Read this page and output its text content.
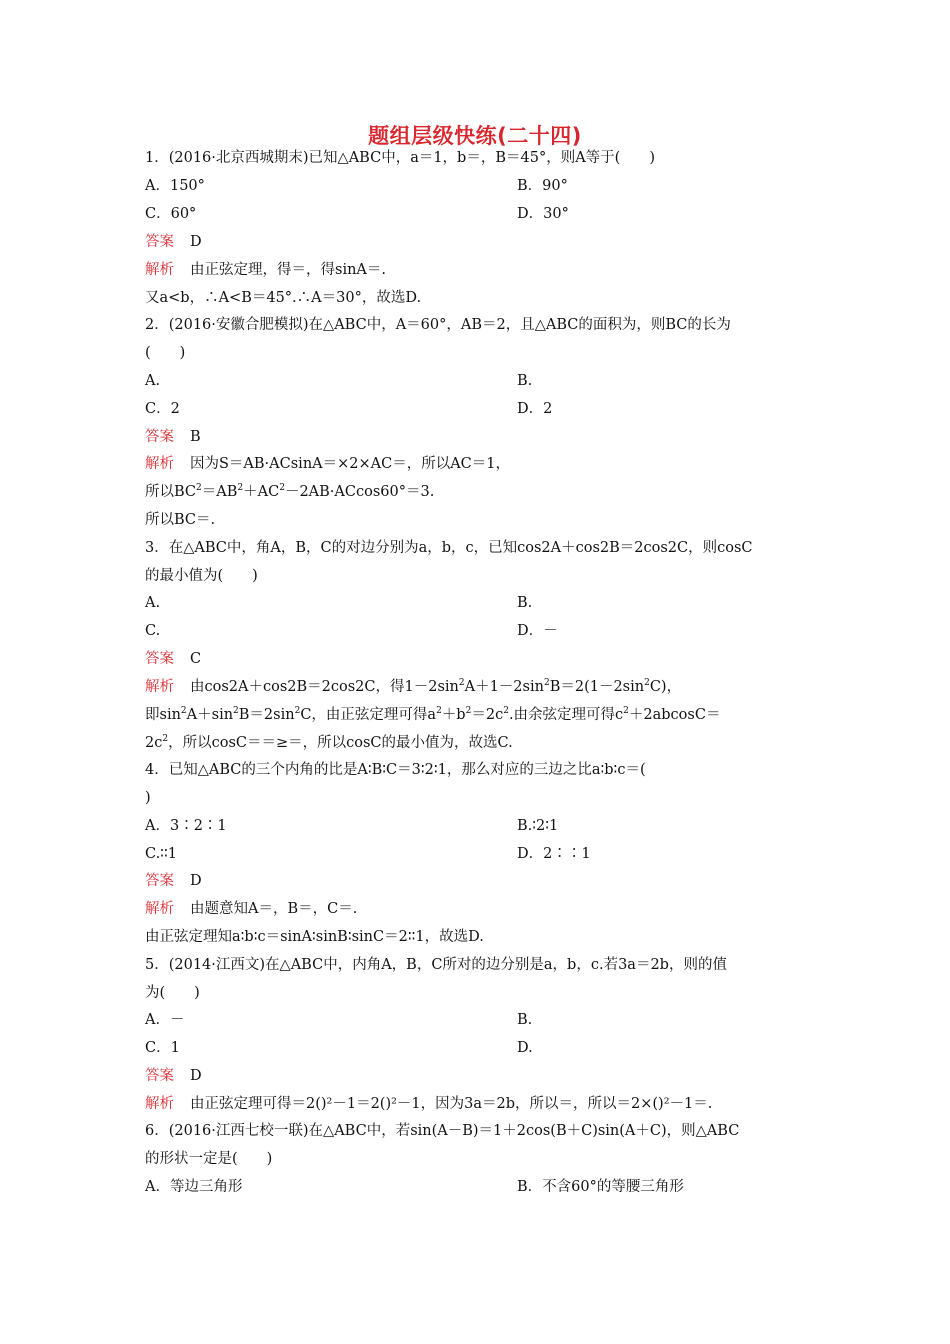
题组层级快练(二十四)
1．(2016·北京西城期末)已知△ABC中，a＝1，b＝，B＝45°，则A等于(　　)
A．150°	B．90°
C．60°	D．30°
答案 D
解析 由正弦定理，得＝，得sinA＝.
又a<b，∴A<B＝45°.∴A＝30°，故选D.
2．(2016·安徽合肥模拟)在△ABC中，A＝60°，AB＝2，且△ABC的面积为，则BC的长为
(　　)
A.	B.
C．2	D．2
答案 B
解析 因为S＝AB·ACsinA＝×2×AC＝，所以AC＝1，
所以$BC^2=AB^2+AC^2-2AB\cdot ACcos60^\circ=3$.
所以BC＝.
3．在△ABC中，角A，B，C的对边分别为a，b，c，已知cos2A＋cos2B＝2cos2C，则cosC
的最小值为(　　)
A.	B.
C.	D．－
答案 C
解析 由cos2A＋cos2B＝2cos2C，得$1-2\sin^2A+1-2\sin^2B=2(1-2\sin^2C)$，
即$\sin^2A+\sin^2B=2\sin^2C$，由正弦定理可得$a^2+b^2=2c^2$.由余弦定理可得$c^2+2abcosC=$
$2c^2$，所以cosC＝＝≥＝，所以cosC的最小值为，故选C.
4．已知△ABC的三个内角的比是A∶B∶C＝3∶2∶1，那么对应的三边之比a∶b∶c＝(
)
A．3∶2∶1	B.∶2∶1
C.∶∶1	D．2∶∶1
答案 D
解析 由题意知A＝，B＝，C＝.
由正弦定理知a∶b∶c＝sinA∶sinB∶sinC＝2∶∶1，故选D.
5．(2014·江西文)在△ABC中，内角A，B，C所对的边分别是a，b，c.若3a＝2b，则的值
为(　　)
A．－	B.
C．1	D.
答案 D
解析 由正弦定理可得＝2()²－1＝2()²－1，因为3a＝2b，所以＝，所以＝2×()²－1＝.
6．(2016·江西七校一联)在△ABC中，若sin(A－B)＝1＋2cos(B＋C)sin(A＋C)，则△ABC
的形状一定是(　　)
A．等边三角形	B．不含60°的等腰三角形
